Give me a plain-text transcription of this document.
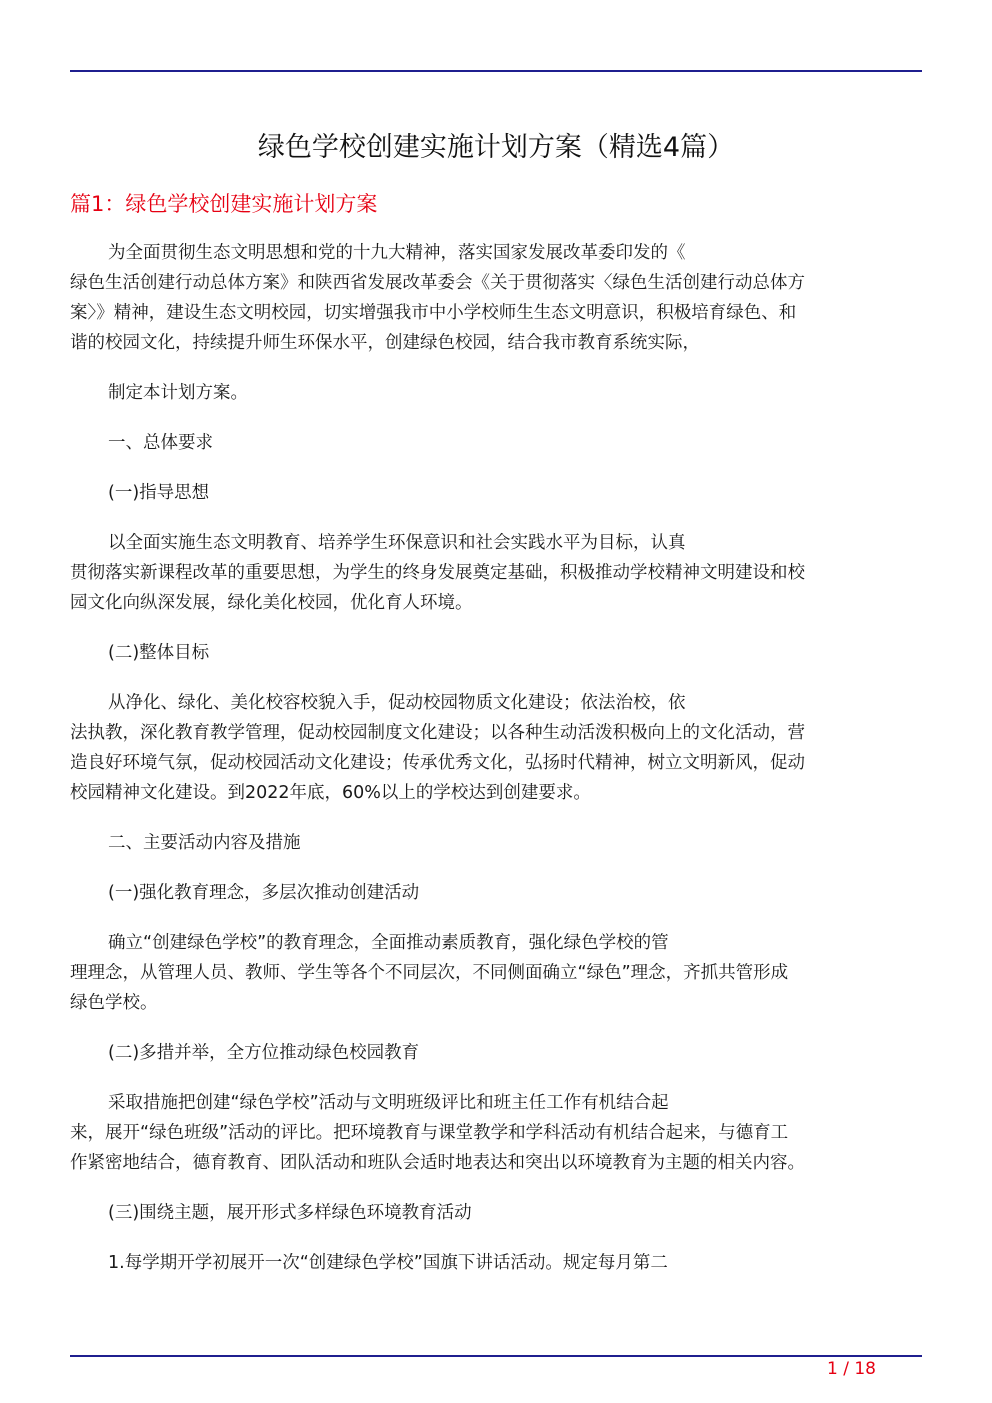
绿色学校创建实施计划方案（精选4篇）
篇1：绿色学校创建实施计划方案
为全面贯彻生态文明思想和党的十九大精神，落实国家发展改革委印发的《
绿色生活创建行动总体方案》和陕西省发展改革委会《关于贯彻落实〈绿色生活创建行动总体方
案〉》精神，建设生态文明校园，切实增强我市中小学校师生生态文明意识，积极培育绿色、和
谐的校园文化，持续提升师生环保水平，创建绿色校园，结合我市教育系统实际，
制定本计划方案。
一、总体要求
(一)指导思想
以全面实施生态文明教育、培养学生环保意识和社会实践水平为目标，认真
贯彻落实新课程改革的重要思想，为学生的终身发展奠定基础，积极推动学校精神文明建设和校
园文化向纵深发展，绿化美化校园，优化育人环境。
(二)整体目标
从净化、绿化、美化校容校貌入手，促动校园物质文化建设；依法治校，依
法执教，深化教育教学管理，促动校园制度文化建设；以各种生动活泼积极向上的文化活动，营
造良好环境气氛，促动校园活动文化建设；传承优秀文化，弘扬时代精神，树立文明新风，促动
校园精神文化建设。到2022年底，60%以上的学校达到创建要求。
二、主要活动内容及措施
(一)强化教育理念，多层次推动创建活动
确立“创建绿色学校”的教育理念，全面推动素质教育，强化绿色学校的管
理理念，从管理人员、教师、学生等各个不同层次，不同侧面确立“绿色”理念，齐抓共管形成
绿色学校。
(二)多措并举，全方位推动绿色校园教育
采取措施把创建“绿色学校”活动与文明班级评比和班主任工作有机结合起
来，展开“绿色班级”活动的评比。把环境教育与课堂教学和学科活动有机结合起来，与德育工
作紧密地结合，德育教育、团队活动和班队会适时地表达和突出以环境教育为主题的相关内容。
(三)围绕主题，展开形式多样绿色环境教育活动
1.每学期开学初展开一次“创建绿色学校”国旗下讲话活动。规定每月第二
1 / 18
